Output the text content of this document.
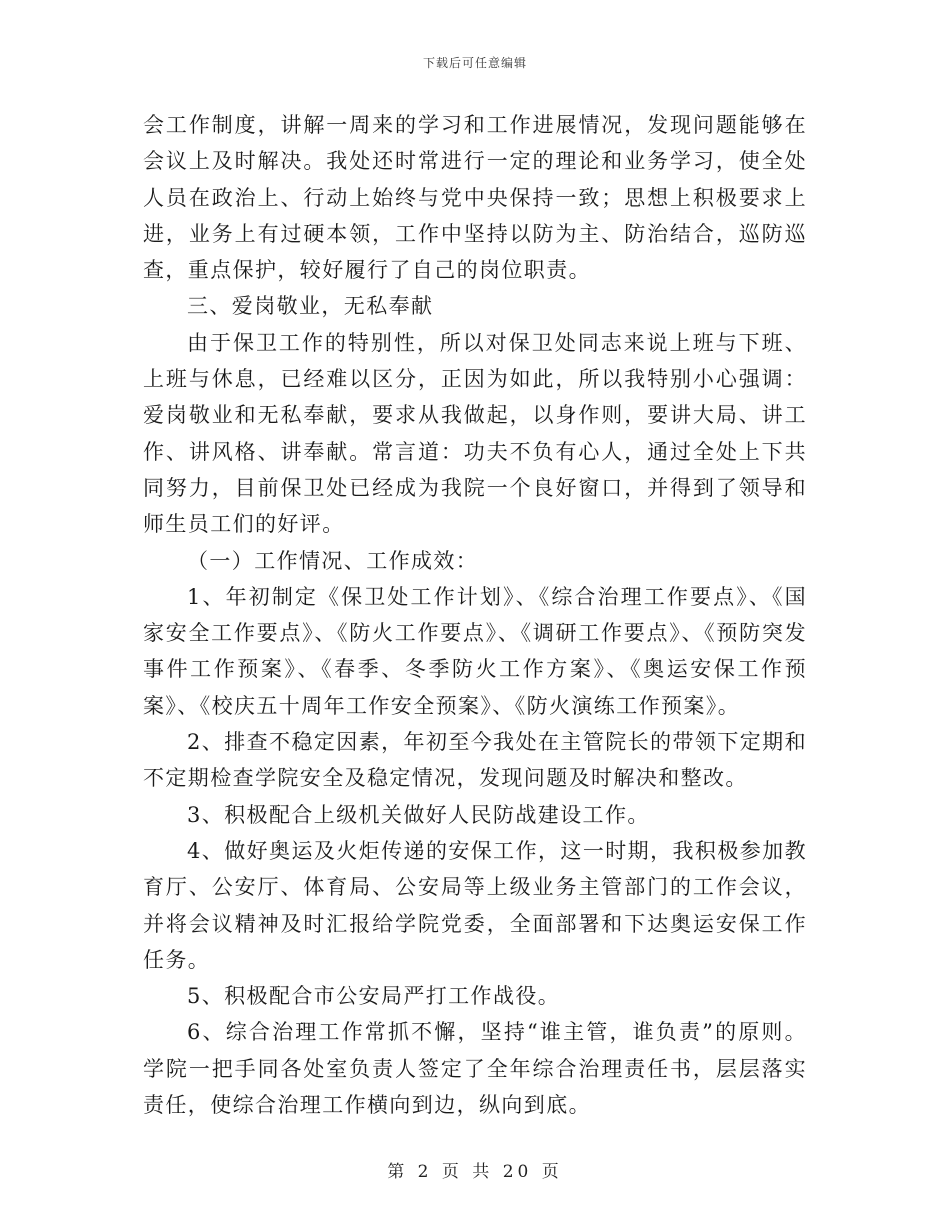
下载后可任意编辑

会工作制度，讲解一周来的学习和工作进展情况，发现问题能够在会议上及时解决。我处还时常进行一定的理论和业务学习，使全处人员在政治上、行动上始终与党中央保持一致；思想上积极要求上进，业务上有过硬本领，工作中坚持以防为主、防治结合，巡防巡查，重点保护，较好履行了自己的岗位职责。

三、爱岗敬业，无私奉献

由于保卫工作的特别性，所以对保卫处同志来说上班与下班、上班与休息，已经难以区分，正因为如此，所以我特别小心强调：爱岗敬业和无私奉献，要求从我做起，以身作则，要讲大局、讲工作、讲风格、讲奉献。常言道：功夫不负有心人，通过全处上下共同努力，目前保卫处已经成为我院一个良好窗口，并得到了领导和师生员工们的好评。

（一）工作情况、工作成效：

1、年初制定《保卫处工作计划》、《综合治理工作要点》、《国家安全工作要点》、《防火工作要点》、《调研工作要点》、《预防突发事件工作预案》、《春季、冬季防火工作方案》、《奥运安保工作预案》、《校庆五十周年工作安全预案》、《防火演练工作预案》。

2、排查不稳定因素，年初至今我处在主管院长的带领下定期和不定期检查学院安全及稳定情况，发现问题及时解决和整改。

3、积极配合上级机关做好人民防战建设工作。

4、做好奥运及火炬传递的安保工作，这一时期，我积极参加教育厅、公安厅、体育局、公安局等上级业务主管部门的工作会议，并将会议精神及时汇报给学院党委，全面部署和下达奥运安保工作任务。

5、积极配合市公安局严打工作战役。

6、综合治理工作常抓不懈，坚持“谁主管，谁负责”的原则。学院一把手同各处室负责人签定了全年综合治理责任书，层层落实责任，使综合治理工作横向到边，纵向到底。

第 2 页 共 20 页
